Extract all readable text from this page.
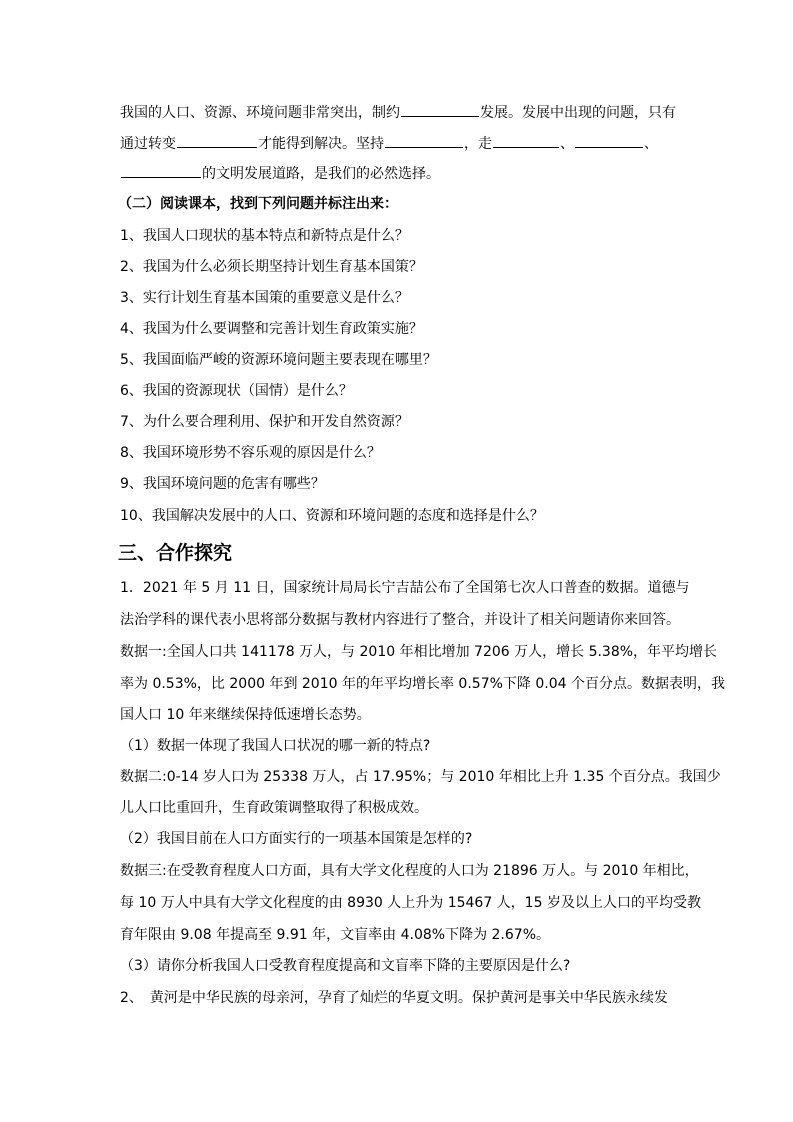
我国的人口、资源、环境问题非常突出，制约	发展。发展中出现的问题，只有
通过转变	才能得到解决。坚持	，走	、	、
的文明发展道路，是我们的必然选择。
（二）阅读课本，找到下列问题并标注出来：
1、我国人口现状的基本特点和新特点是什么？
2、我国为什么必须长期坚持计划生育基本国策？
3、实行计划生育基本国策的重要意义是什么？
4、我国为什么要调整和完善计划生育政策实施？
5、我国面临严峻的资源环境问题主要表现在哪里？
6、我国的资源现状（国情）是什么？
7、为什么要合理利用、保护和开发自然资源？
8、我国环境形势不容乐观的原因是什么？
9、我国环境问题的危害有哪些？
10、我国解决发展中的人口、资源和环境问题的态度和选择是什么？
三、合作探究
1．2021 年 5 月 11 日，国家统计局局长宁吉喆公布了全国第七次人口普查的数据。道德与
法治学科的课代表小思将部分数据与教材内容进行了整合，并设计了相关问题请你来回答。
数据一:全国人口共 141178 万人，与 2010 年相比增加 7206 万人，增长 5.38%，年平均增长
率为 0.53%，比 2000 年到 2010 年的年平均增长率 0.57%下降 0.04 个百分点。数据表明，我
国人口 10 年来继续保持低速增长态势。
（1）数据一体现了我国人口状况的哪一新的特点?
数据二:0-14 岁人口为 25338 万人，占 17.95%；与 2010 年相比上升 1.35 个百分点。我国少
儿人口比重回升，生育政策调整取得了积极成效。
（2）我国目前在人口方面实行的一项基本国策是怎样的?
数据三:在受教育程度人口方面，具有大学文化程度的人口为 21896 万人。与 2010 年相比，
每 10 万人中具有大学文化程度的由 8930 人上升为 15467 人，15 岁及以上人口的平均受教
育年限由 9.08 年提高至 9.91 年，文盲率由 4.08%下降为 2.67%。
（3）请你分析我国人口受教育程度提高和文盲率下降的主要原因是什么?
2、　黄河是中华民族的母亲河，孕育了灿烂的华夏文明。保护黄河是事关中华民族永续发
